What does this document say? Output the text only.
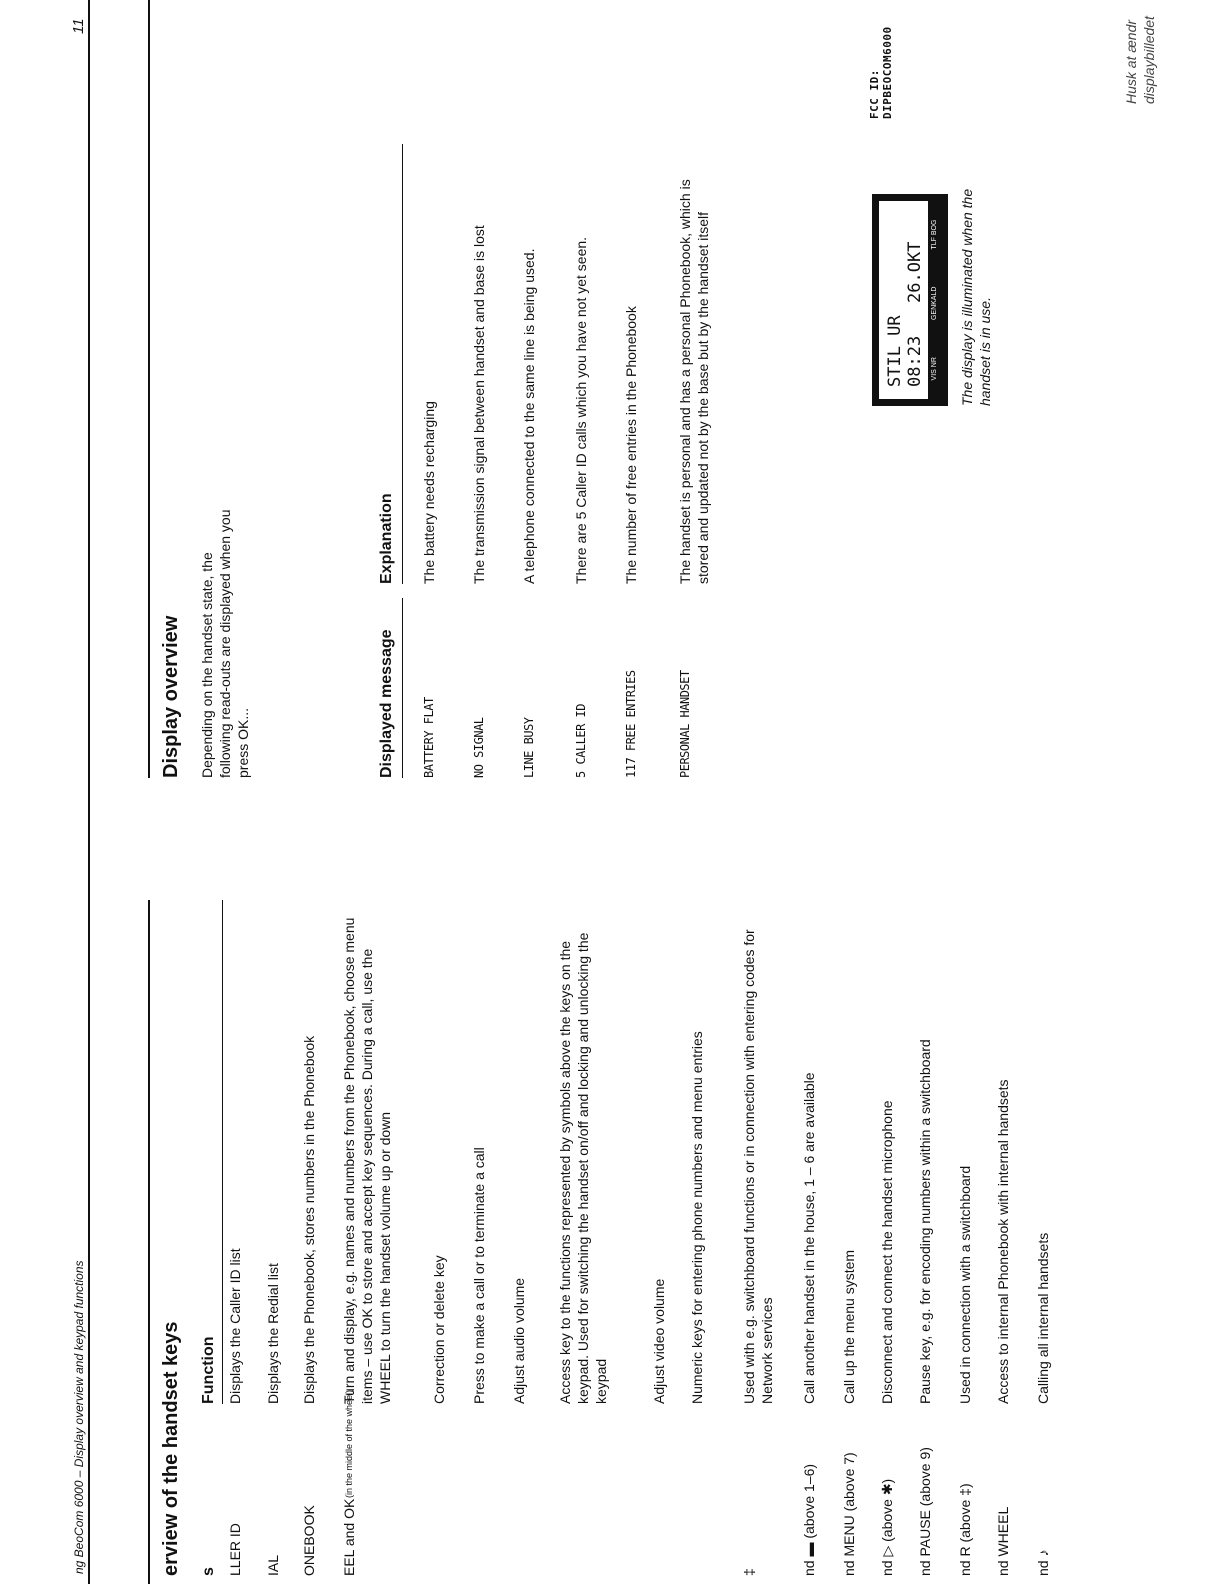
ng BeoCom 6000 – Display overview and keypad functions
11
erview of the handset keys s
Function
LLER ID
Displays the Caller ID list
IAL
Displays the Redial list
ONEBOOK
Displays the Phonebook, stores numbers in the Phonebook
EEL and OK
(in the middle of the wheel)
Turn and display, e.g. names and numbers from the Phonebook, choose menu items – use OK to store and accept key sequences. During a call, use the WHEEL to turn the handset volume up or down	Correction or delete key Press to make a call or to terminate a call Adjust audio volume Access key to the functions represented by symbols above the keys on the keypad. Used for switching the handset on/off and locking and unlocking the keypad	Adjust video volume Numeric keys for entering phone numbers and menu entries
‡
Used with e.g. switchboard functions or in connection with entering codes for Network services
nd ▬ (above 1–6)
Call another handset in the house, 1 – 6 are available
nd MENU (above 7)
Call up the menu system
nd ▷ (above ✱)
Disconnect and connect the handset microphone
nd PAUSE (above 9)
Pause key, e.g. for encoding numbers within a switchboard
nd R (above ‡)
Used in connection with a switchboard
nd WHEEL
Access to internal Phonebook with internal handsets
nd ♪
Calling all internal handsets
Display overview Depending on the handset state, the following read-outs are displayed when you press OK...
STIL UR 08:23
26.OKT
VIS NR
GENKALD
TLF BOG The display is illuminated when the handset is in use.
Husk at ændr displaybilledet
Displayed message
Explanation
BATTERY FLAT
The battery needs recharging
NO SIGNAL
The transmission signal between handset and base is lost
LINE BUSY
A telephone connected to the same line is being used.
5 CALLER ID
There are 5 Caller ID calls which you have not yet seen.
117 FREE ENTRIES
The number of free entries in the Phonebook
PERSONAL HANDSET
The handset is personal and has a personal Phonebook, which is stored and updated not by the base but by the handset itself
FCC ID: DIPBEOCOM6000
